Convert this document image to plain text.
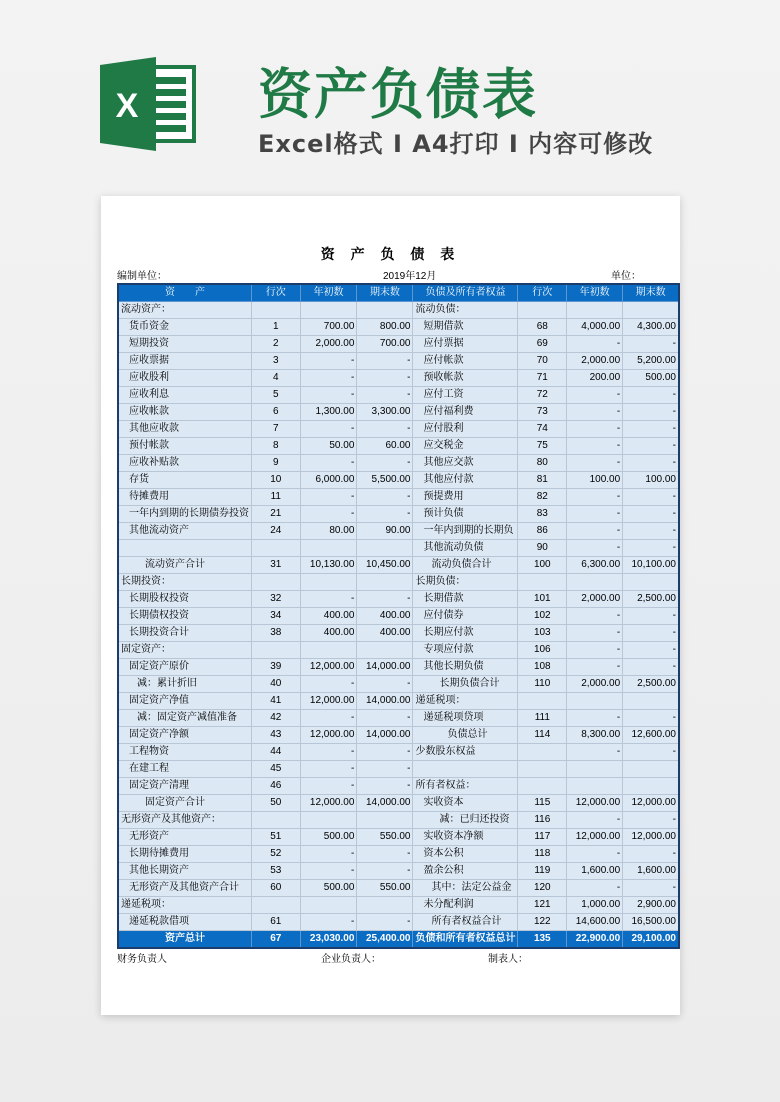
X 资产负债表
Excel格式 I A4打印 I 内容可修改
资 产 负 债 表
编制单位：	2019年12月	单位：
资　　产	行次	年初数	期末数	负债及所有者权益	行次	年初数	期末数
流动资产：				流动负债：			
货币资金	1	700.00	800.00	短期借款	68	4,000.00	4,300.00
短期投资	2	2,000.00	700.00	应付票据	69	-	-
应收票据	3	-	-	应付帐款	70	2,000.00	5,200.00
应收股利	4	-	-	预收帐款	71	200.00	500.00
应收利息	5	-	-	应付工资	72	-	-
应收帐款	6	1,300.00	3,300.00	应付福利费	73	-	-
其他应收款	7	-	-	应付股利	74	-	-
预付帐款	8	50.00	60.00	应交税金	75	-	-
应收补贴款	9	-	-	其他应交款	80	-	-
存货	10	6,000.00	5,500.00	其他应付款	81	100.00	100.00
待摊费用	11	-	-	预提费用	82	-	-
一年内到期的长期债券投资	21	-	-	预计负债	83	-	-
其他流动资产	24	80.00	90.00	一年内到期的长期负	86	-	-
				其他流动负债	90	-	-
流动资产合计	31	10,130.00	10,450.00	流动负债合计	100	6,300.00	10,100.00
长期投资：				长期负债：			
长期股权投资	32	-	-	长期借款	101	2,000.00	2,500.00
长期债权投资	34	400.00	400.00	应付债券	102	-	-
长期投资合计	38	400.00	400.00	长期应付款	103	-	-
固定资产：				专项应付款	106	-	-
固定资产原价	39	12,000.00	14,000.00	其他长期负债	108	-	-
减：累计折旧	40	-	-	长期负债合计	110	2,000.00	2,500.00
固定资产净值	41	12,000.00	14,000.00	递延税项：			
减：固定资产减值准备	42	-	-	递延税项贷项	111	-	-
固定资产净额	43	12,000.00	14,000.00	负债总计	114	8,300.00	12,600.00
工程物资	44	-	-	少数股东权益		-	-
在建工程	45	-	-				
固定资产清理	46	-	-	所有者权益：			
固定资产合计	50	12,000.00	14,000.00	实收资本	115	12,000.00	12,000.00
无形资产及其他资产：				减：已归还投资	116	-	-
无形资产	51	500.00	550.00	实收资本净额	117	12,000.00	12,000.00
长期待摊费用	52	-	-	资本公积	118	-	-
其他长期资产	53	-	-	盈余公积	119	1,600.00	1,600.00
无形资产及其他资产合计	60	500.00	550.00	其中：法定公益金	120	-	-
递延税项：				未分配利润	121	1,000.00	2,900.00
递延税款借项	61	-	-	所有者权益合计	122	14,600.00	16,500.00
资产总计	67	23,030.00	25,400.00	负债和所有者权益总计	135	22,900.00	29,100.00
财务负责人	企业负责人：	制表人：
